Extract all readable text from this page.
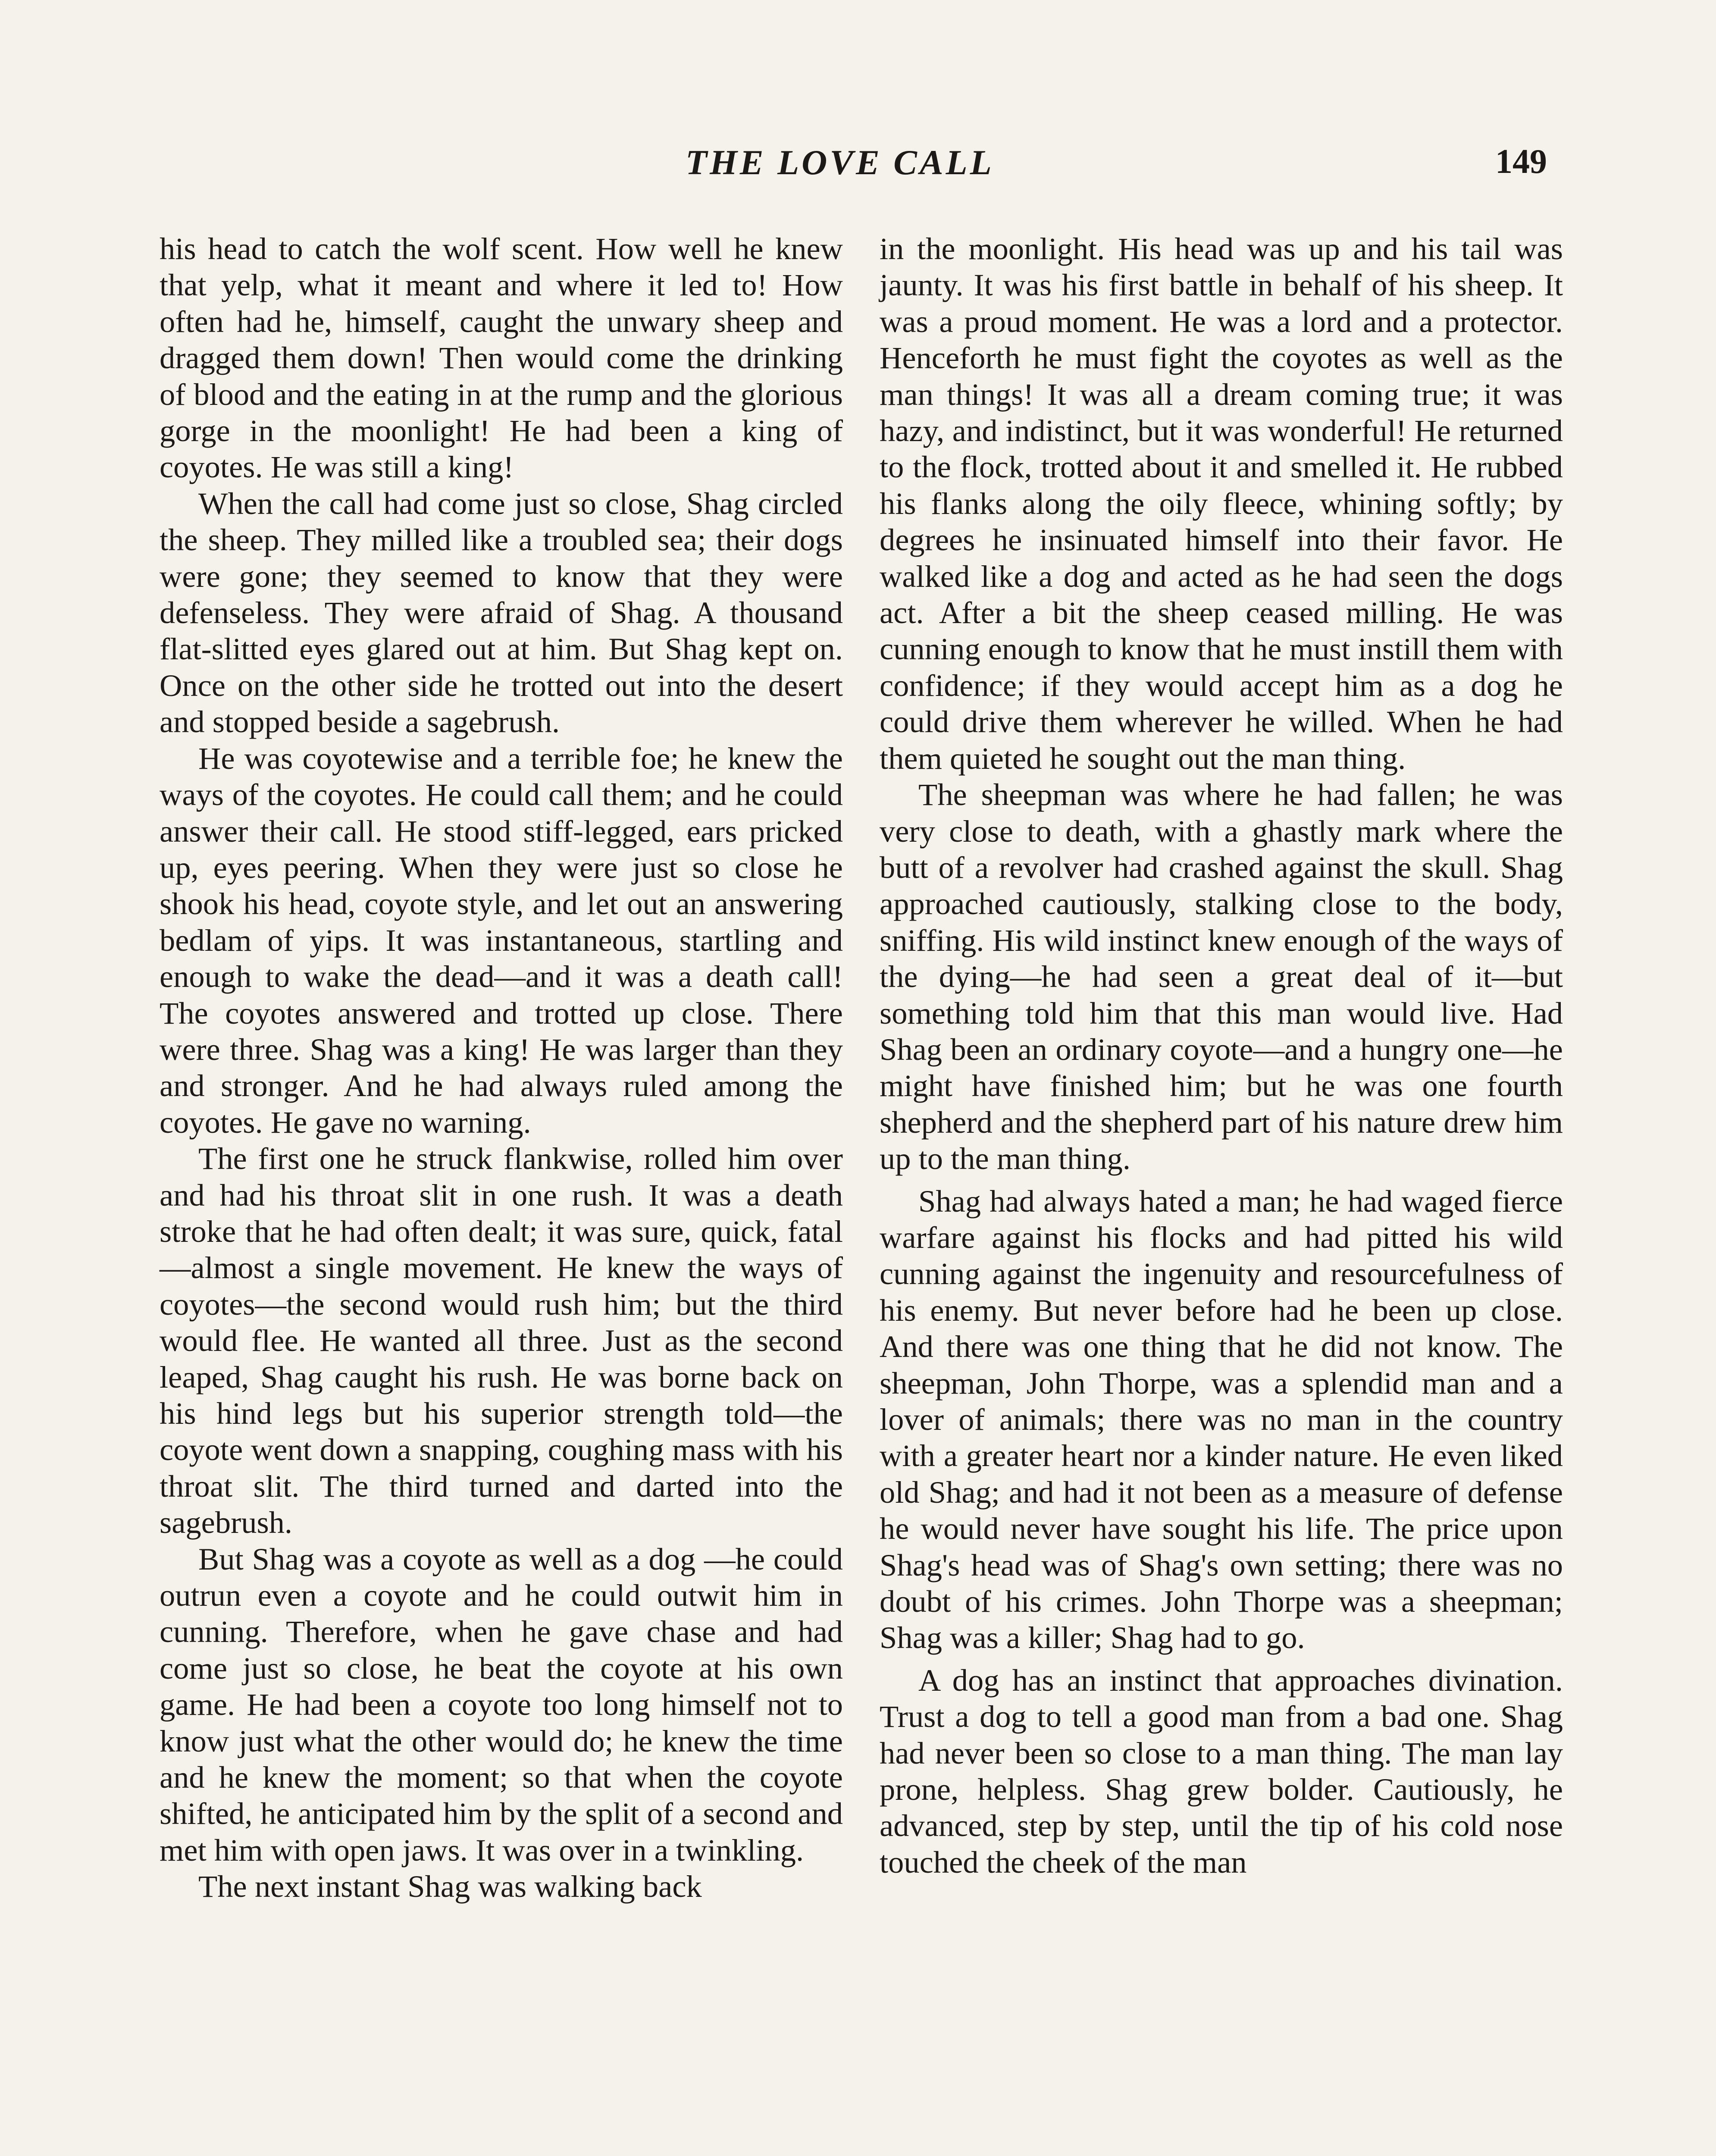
THE LOVE CALL	149

his head to catch the wolf scent. How well he knew that yelp, what it meant and where it led to! How often had he, himself, caught the unwary sheep and dragged them down! Then would come the drinking of blood and the eating in at the rump and the glorious gorge in the moonlight! He had been a king of coyotes. He was still a king!

When the call had come just so close, Shag circled the sheep. They milled like a troubled sea; their dogs were gone; they seemed to know that they were defenseless. They were afraid of Shag. A thousand flat-slitted eyes glared out at him. But Shag kept on. Once on the other side he trotted out into the desert and stopped beside a sagebrush.

He was coyotewise and a terrible foe; he knew the ways of the coyotes. He could call them; and he could answer their call. He stood stiff-legged, ears pricked up, eyes peering. When they were just so close he shook his head, coyote style, and let out an answering bedlam of yips. It was instantaneous, startling and enough to wake the dead—and it was a death call! The coyotes answered and trotted up close. There were three. Shag was a king! He was larger than they and stronger. And he had always ruled among the coyotes. He gave no warning.

The first one he struck flankwise, rolled him over and had his throat slit in one rush. It was a death stroke that he had often dealt; it was sure, quick, fatal—almost a single movement. He knew the ways of coyotes—the second would rush him; but the third would flee. He wanted all three. Just as the second leaped, Shag caught his rush. He was borne back on his hind legs but his superior strength told—the coyote went down a snapping, coughing mass with his throat slit. The third turned and darted into the sagebrush.

But Shag was a coyote as well as a dog —he could outrun even a coyote and he could outwit him in cunning. Therefore, when he gave chase and had come just so close, he beat the coyote at his own game. He had been a coyote too long himself not to know just what the other would do; he knew the time and he knew the moment; so that when the coyote shifted, he anticipated him by the split of a second and met him with open jaws. It was over in a twinkling.

The next instant Shag was walking back

in the moonlight. His head was up and his tail was jaunty. It was his first battle in behalf of his sheep. It was a proud moment. He was a lord and a protector. Henceforth he must fight the coyotes as well as the man things! It was all a dream coming true; it was hazy, and indistinct, but it was wonderful! He returned to the flock, trotted about it and smelled it. He rubbed his flanks along the oily fleece, whining softly; by degrees he insinuated himself into their favor. He walked like a dog and acted as he had seen the dogs act. After a bit the sheep ceased milling. He was cunning enough to know that he must instill them with confidence; if they would accept him as a dog he could drive them wherever he willed. When he had them quieted he sought out the man thing.

The sheepman was where he had fallen; he was very close to death, with a ghastly mark where the butt of a revolver had crashed against the skull. Shag approached cautiously, stalking close to the body, sniffing. His wild instinct knew enough of the ways of the dying—he had seen a great deal of it—but something told him that this man would live. Had Shag been an ordinary coyote—and a hungry one—he might have finished him; but he was one fourth shepherd and the shepherd part of his nature drew him up to the man thing.

Shag had always hated a man; he had waged fierce warfare against his flocks and had pitted his wild cunning against the ingenuity and resourcefulness of his enemy. But never before had he been up close. And there was one thing that he did not know. The sheepman, John Thorpe, was a splendid man and a lover of animals; there was no man in the country with a greater heart nor a kinder nature. He even liked old Shag; and had it not been as a measure of defense he would never have sought his life. The price upon Shag's head was of Shag's own setting; there was no doubt of his crimes. John Thorpe was a sheepman; Shag was a killer; Shag had to go.

A dog has an instinct that approaches divination. Trust a dog to tell a good man from a bad one. Shag had never been so close to a man thing. The man lay prone, helpless. Shag grew bolder. Cautiously, he advanced, step by step, until the tip of his cold nose touched the cheek of the man
